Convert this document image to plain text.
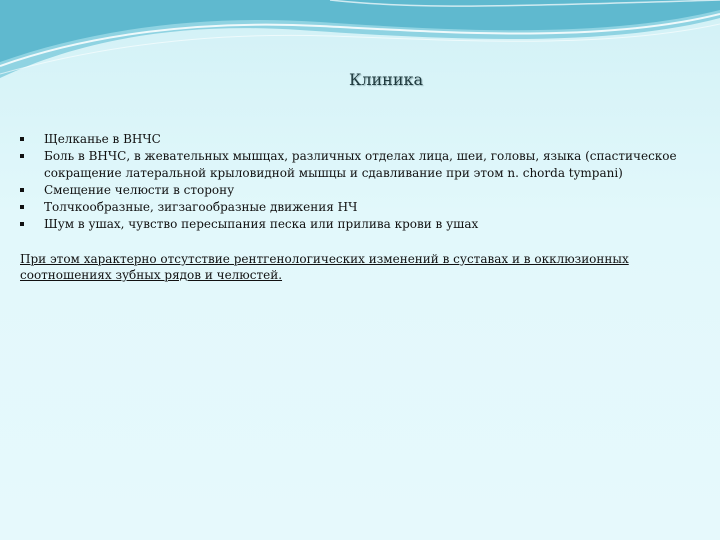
Клиника
Щелканье в ВНЧС
Боль в ВНЧС, в жевательных мышцах, различных отделах лица, шеи, головы, языка (спастическое сокращение латеральной крыловидной мышцы и сдавливание при этом n. chorda tympani)
Смещение челюсти в сторону
Толчкообразные, зигзагообразные движения НЧ
Шум в ушах, чувство пересыпания песка или прилива крови в ушах
При этом характерно отсутствие рентгенологических изменений в суставах и в окклюзионных соотношениях зубных рядов и челюстей.
